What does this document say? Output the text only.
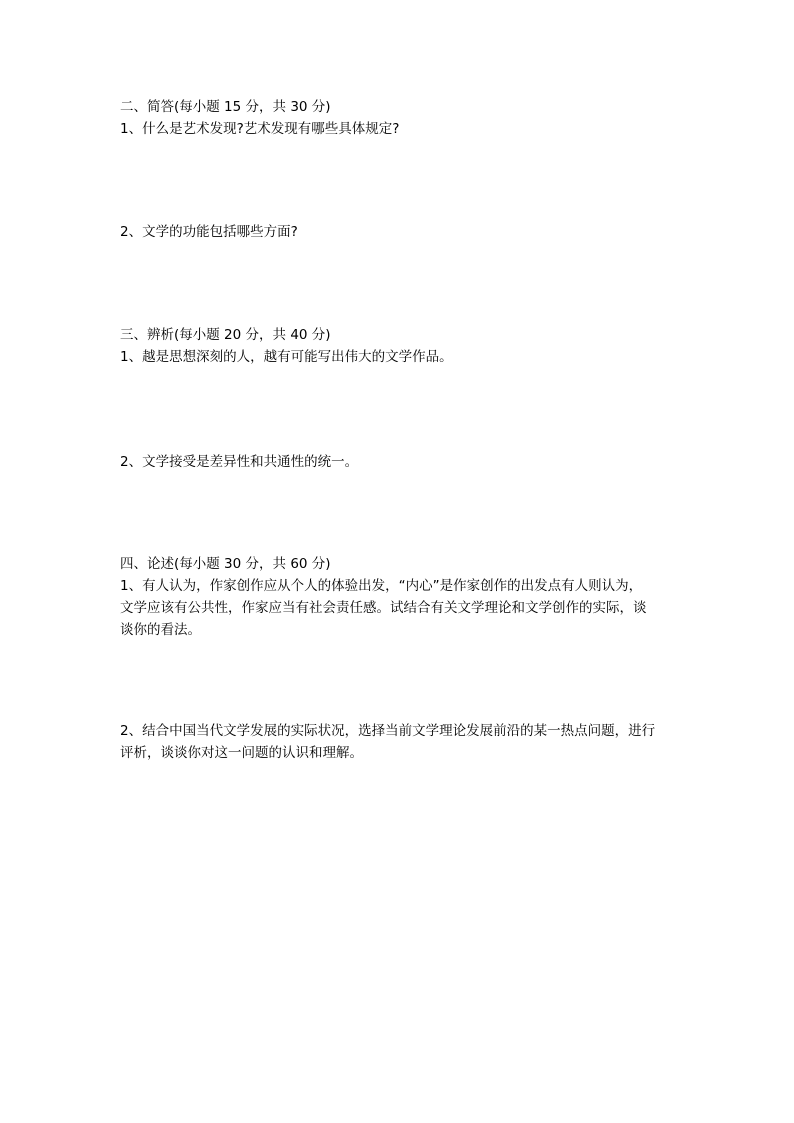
二、简答(每小题 15 分，共 30 分)
1、什么是艺术发现?艺术发现有哪些具体规定?
2、文学的功能包括哪些方面?
三、辨析(每小题 20 分，共 40 分)
1、越是思想深刻的人，越有可能写出伟大的文学作品。
2、文学接受是差异性和共通性的统一。
四、论述(每小题 30 分，共 60 分)
1、有人认为，作家创作应从个人的体验出发，“内心”是作家创作的出发点有人则认为，
文学应该有公共性，作家应当有社会责任感。试结合有关文学理论和文学创作的实际，谈
谈你的看法。
2、结合中国当代文学发展的实际状况，选择当前文学理论发展前沿的某一热点问题，进行
评析，谈谈你对这一问题的认识和理解。
